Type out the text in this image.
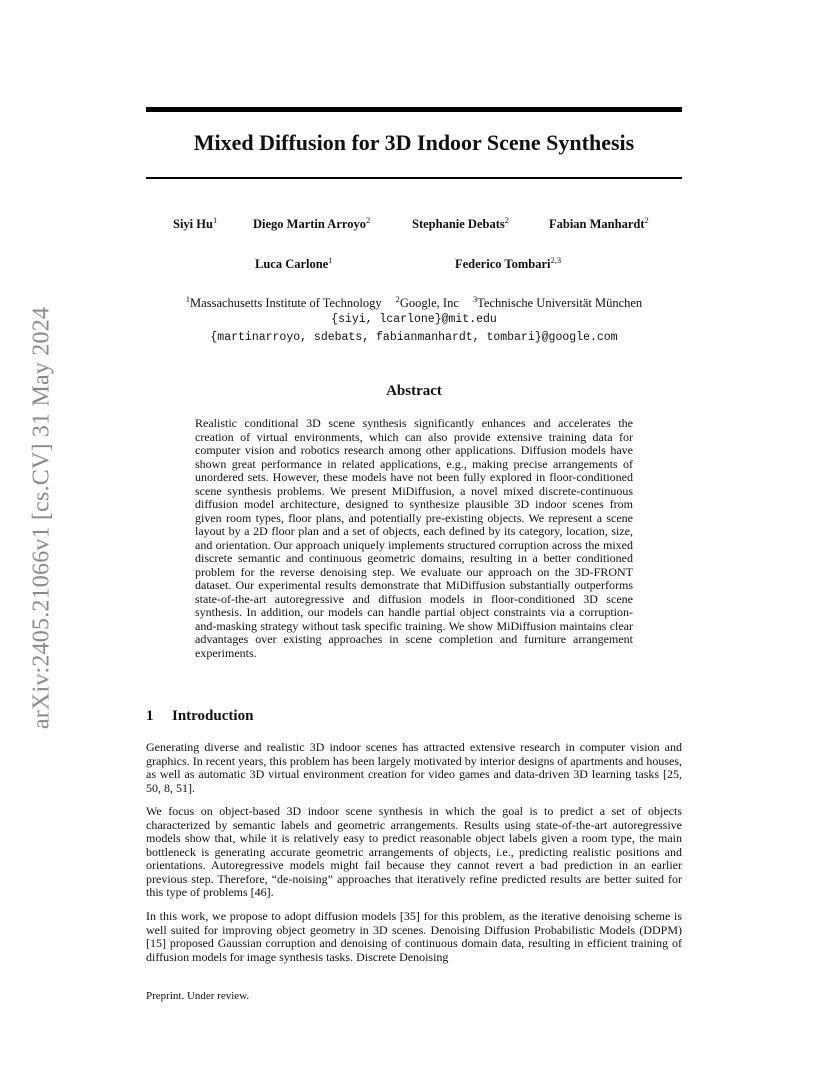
arXiv:2405.21066v1 [cs.CV] 31 May 2024
Mixed Diffusion for 3D Indoor Scene Synthesis
Siyi Hu$^1$	Diego Martin Arroyo$^2$	Stephanie Debats$^2$	Fabian Manhardt$^2$
Luca Carlone$^1$	Federico Tombari$^{2,3}$
$^1$Massachusetts Institute of Technology $^2$Google, Inc $^3$Technische Universität München
{siyi, lcarlone}@mit.edu
{martinarroyo, sdebats, fabianmanhardt, tombari}@google.com
Abstract
Realistic conditional 3D scene synthesis significantly enhances and accelerates the creation of virtual environments, which can also provide extensive training data for computer vision and robotics research among other applications. Diffusion models have shown great performance in related applications, e.g., making precise arrangements of unordered sets. However, these models have not been fully explored in floor-conditioned scene synthesis problems. We present MiDiffusion, a novel mixed discrete-continuous diffusion model architecture, designed to synthesize plausible 3D indoor scenes from given room types, floor plans, and potentially pre-existing objects. We represent a scene layout by a 2D floor plan and a set of objects, each defined by its category, location, size, and orientation. Our approach uniquely implements structured corruption across the mixed discrete semantic and continuous geometric domains, resulting in a better conditioned problem for the reverse denoising step. We evaluate our approach on the 3D-FRONT dataset. Our experimental results demonstrate that MiDiffusion substantially outperforms state-of-the-art autoregressive and diffusion models in floor-conditioned 3D scene synthesis. In addition, our models can handle partial object constraints via a corruption-and-masking strategy without task specific training. We show MiDiffusion maintains clear advantages over existing approaches in scene completion and furniture arrangement experiments.
1 Introduction

Generating diverse and realistic 3D indoor scenes has attracted extensive research in computer vision and graphics. In recent years, this problem has been largely motivated by interior designs of apartments and houses, as well as automatic 3D virtual environment creation for video games and data-driven 3D learning tasks [25, 50, 8, 51].

We focus on object-based 3D indoor scene synthesis in which the goal is to predict a set of objects characterized by semantic labels and geometric arrangements. Results using state-of-the-art autoregressive models show that, while it is relatively easy to predict reasonable object labels given a room type, the main bottleneck is generating accurate geometric arrangements of objects, i.e., predicting realistic positions and orientations. Autoregressive models might fail because they cannot revert a bad prediction in an earlier previous step. Therefore, “de-noising” approaches that iteratively refine predicted results are better suited for this type of problems [46].

In this work, we propose to adopt diffusion models [35] for this problem, as the iterative denoising scheme is well suited for improving object geometry in 3D scenes. Denoising Diffusion Probabilistic Models (DDPM) [15] proposed Gaussian corruption and denoising of continuous domain data, resulting in efficient training of diffusion models for image synthesis tasks. Discrete Denoising

Preprint. Under review.
